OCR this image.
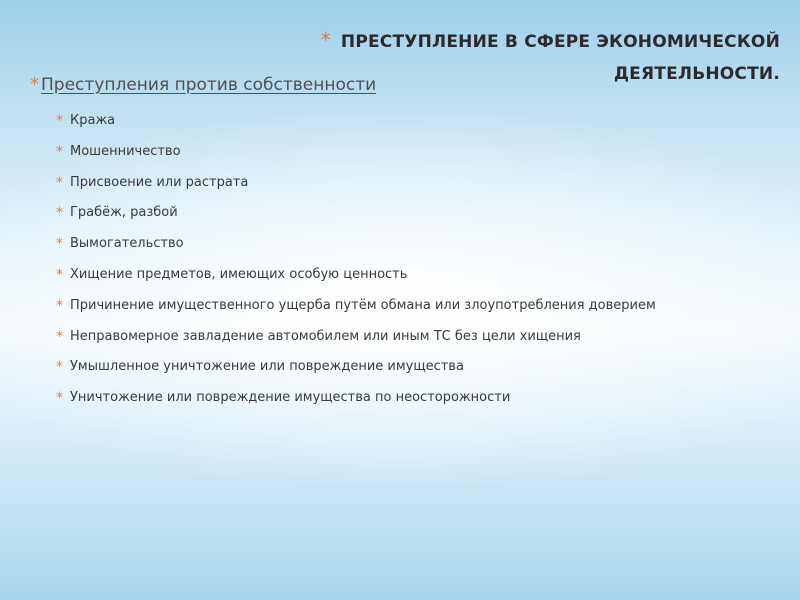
* ПРЕСТУПЛЕНИЕ В СФЕРЕ ЭКОНОМИЧЕСКОЙ
ДЕЯТЕЛЬНОСТИ.
* Преступления против собственности
* Кража
* Мошенничество
* Присвоение или растрата
* Грабёж, разбой
* Вымогательство
* Хищение предметов, имеющих особую ценность
* Причинение имущественного ущерба путём обмана или злоупотребления доверием
* Неправомерное завладение автомобилем или иным ТС без цели хищения
* Умышленное уничтожение или повреждение имущества
* Уничтожение или повреждение имущества по неосторожности
